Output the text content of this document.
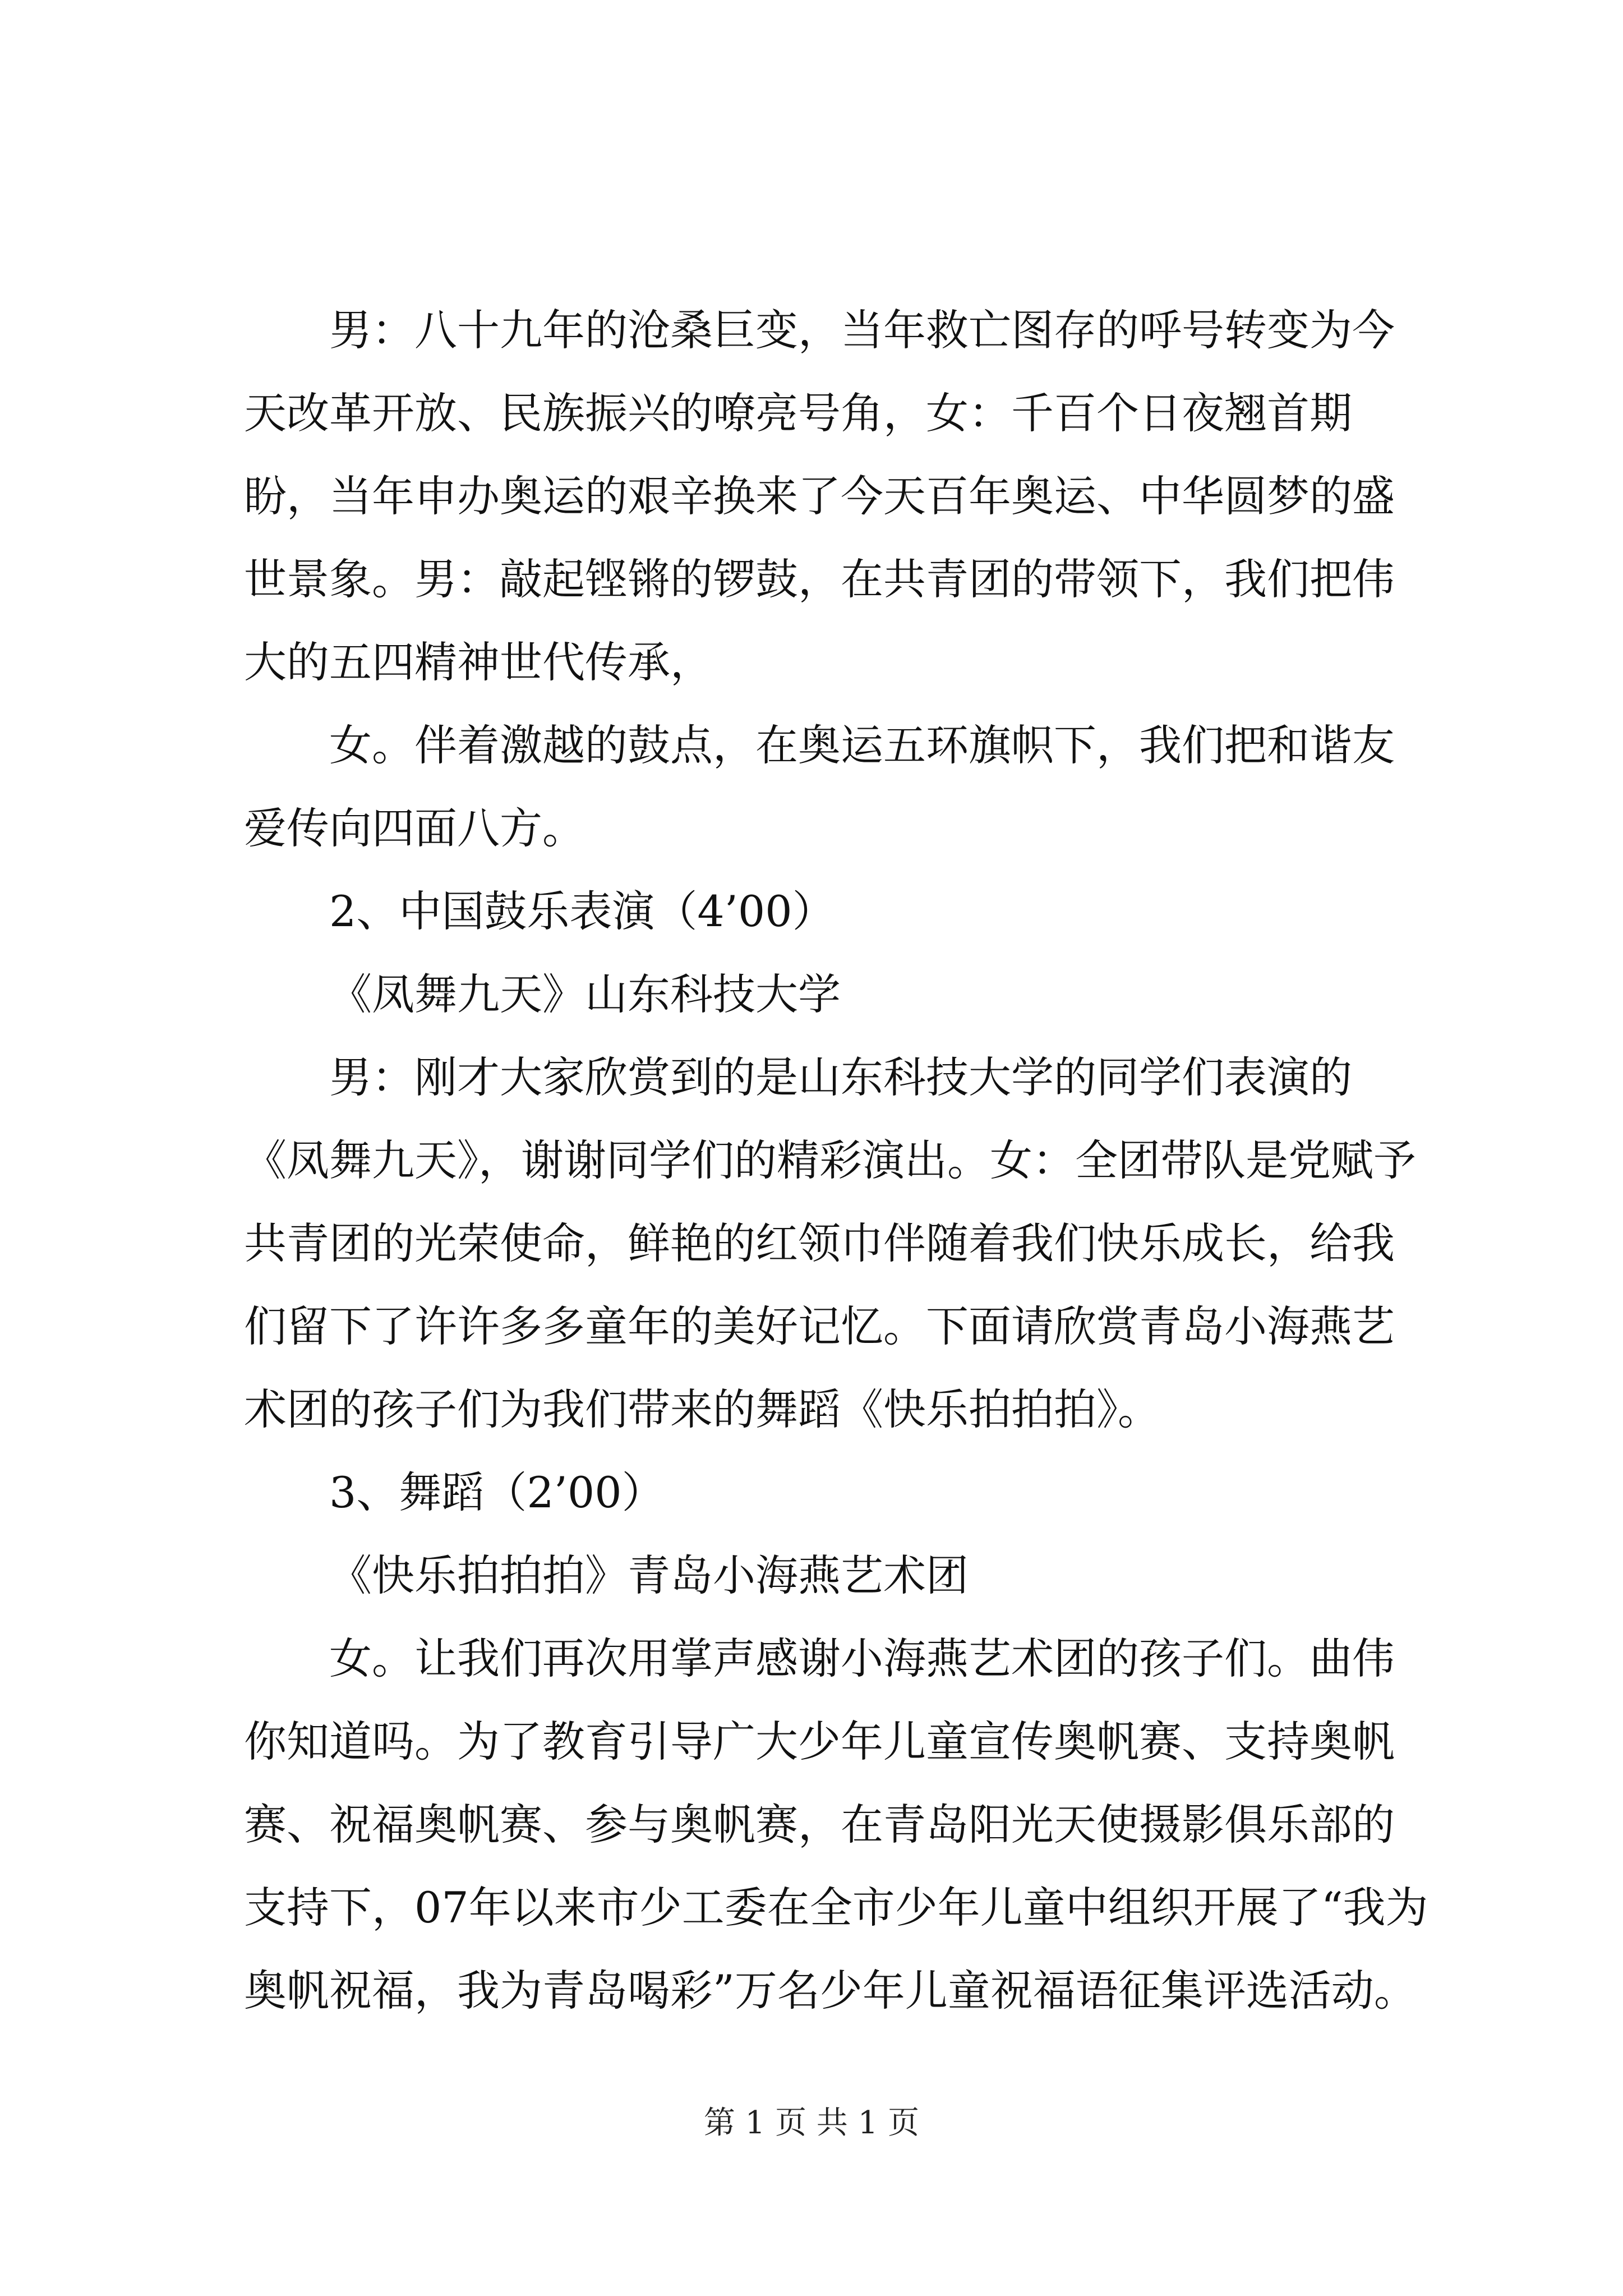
男：八十九年的沧桑巨变，当年救亡图存的呼号转变为今天改革开放、民族振兴的嘹亮号角，女：千百个日夜翘首期盼，当年申办奥运的艰辛换来了今天百年奥运、中华圆梦的盛世景象。男：敲起铿锵的锣鼓，在共青团的带领下，我们把伟大的五四精神世代传承，

女。伴着激越的鼓点，在奥运五环旗帜下，我们把和谐友爱传向四面八方。

2、中国鼓乐表演（4’00）

《凤舞九天》山东科技大学

男：刚才大家欣赏到的是山东科技大学的同学们表演的《凤舞九天》，谢谢同学们的精彩演出。女：全团带队是党赋予共青团的光荣使命，鲜艳的红领巾伴随着我们快乐成长，给我们留下了许许多多童年的美好记忆。下面请欣赏青岛小海燕艺术团的孩子们为我们带来的舞蹈《快乐拍拍拍》。

3、舞蹈（2’00）

《快乐拍拍拍》青岛小海燕艺术团

女。让我们再次用掌声感谢小海燕艺术团的孩子们。曲伟你知道吗。为了教育引导广大少年儿童宣传奥帆赛、支持奥帆赛、祝福奥帆赛、参与奥帆赛，在青岛阳光天使摄影俱乐部的支持下，07年以来市少工委在全市少年儿童中组织开展了“我为奥帆祝福，我为青岛喝彩”万名少年儿童祝福语征集评选活动。

第 1 页 共 1 页
